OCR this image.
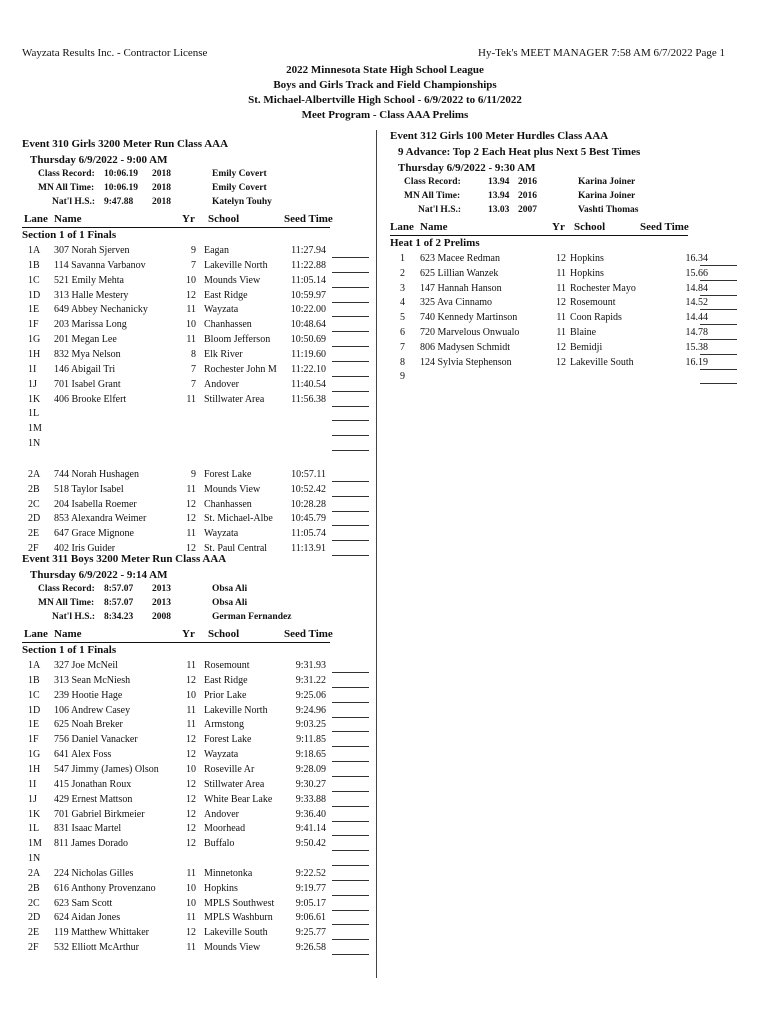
Wayzata Results Inc. - Contractor License	Hy-Tek's MEET MANAGER 7:58 AM 6/7/2022 Page 1
2022 Minnesota State High School League
Boys and Girls Track and Field Championships
St. Michael-Albertville High School - 6/9/2022 to 6/11/2022
Meet Program - Class AAA Prelims
Event 310 Girls 3200 Meter Run Class AAA
Thursday 6/9/2022 - 9:00 AM
Class Record: 10:06.19 2018	Emily Covert
MN All Time: 10:06.19 2018	Emily Covert
Nat'l H.S.: 9:47.88 2018	Katelyn Touhy
Lane Name	Yr School	Seed Time
Section 1 of 1 Finals
1A 307 Norah Sjerven	9 Eagan	11:27.94
1B 114 Savanna Varbanov	7 Lakeville North	11:22.88
1C 521 Emily Mehta	10 Mounds View	11:05.14
1D 313 Halle Mestery	12 East Ridge	10:59.97
1E 649 Abbey Nechanicky	11 Wayzata	10:22.00
1F 203 Marissa Long	10 Chanhassen	10:48.64
1G 201 Megan Lee	11 Bloom Jefferson 10:50.69
1H 832 Mya Nelson	8 Elk River	11:19.60
1I 146 Abigail Tri	7 Rochester John M	11:22.10
1J 701 Isabel Grant	7 Andover	11:40.54
1K 406 Brooke Elfert	11 Stillwater Area	11:56.38
1L
1M
1N
2A 744 Norah Hushagen	9 Forest Lake	10:57.11
2B 518 Taylor Isabel	11 Mounds View	10:52.42
2C 204 Isabella Roemer	12 Chanhassen	10:28.28
2D 853 Alexandra Weimer	12 St. Michael-Albe 10:45.79
2E 647 Grace Mignone	11 Wayzata	11:05.74
2F 402 Iris Guider	12 St. Paul Central	11:13.91
Event 311 Boys 3200 Meter Run Class AAA
Thursday 6/9/2022 - 9:14 AM
Class Record: 8:57.07 2013	Obsa Ali
MN All Time: 8:57.07 2013	Obsa Ali
Nat'l H.S.: 8:34.23 2008	German Fernandez
Lane Name	Yr School	Seed Time
Section 1 of 1 Finals
1A 327 Joe McNeil	11 Rosemount	9:31.93
1B 313 Sean McNiesh	12 East Ridge	9:31.22
1C 239 Hootie Hage	10 Prior Lake	9:25.06
1D 106 Andrew Casey	11 Lakeville North	9:24.96
1E 625 Noah Breker	11 Armstong	9:03.25
1F 756 Daniel Vanacker	12 Forest Lake	9:11.85
1G 641 Alex Foss	12 Wayzata	9:18.65
1H 547 Jimmy (James) Olson	10 Roseville Ar	9:28.09
1I 415 Jonathan Roux	12 Stillwater Area	9:30.27
1J 429 Ernest Mattson	12 White Bear Lake	9:33.88
1K 701 Gabriel Birkmeier	12 Andover	9:36.40
1L 831 Isaac Martel	12 Moorhead	9:41.14
1M 811 James Dorado	12 Buffalo	9:50.42
1N
2A 224 Nicholas Gilles	11 Minnetonka	9:22.52
2B 616 Anthony Provenzano	10 Hopkins	9:19.77
2C 623 Sam Scott	10 MPLS Southwest	9:05.17
2D 624 Aidan Jones	11 MPLS Washburn	9:06.61
2E 119 Matthew Whittaker	12 Lakeville South	9:25.77
2F 532 Elliott McArthur	11 Mounds View	9:26.58
Event 312 Girls 100 Meter Hurdles Class AAA
9 Advance: Top 2 Each Heat plus Next 5 Best Times
Thursday 6/9/2022 - 9:30 AM
Class Record:	13.94 2016	Karina Joiner
MN All Time:	13.94 2016	Karina Joiner
Nat'l H.S.:	13.03 2007	Vashti Thomas
Lane Name	Yr School	Seed Time
Heat 1 of 2 Prelims
1 623 Macee Redman	12 Hopkins	16.34
2 625 Lillian Wanzek	11 Hopkins	15.66
3 147 Hannah Hanson	11 Rochester Mayo	14.84
4 325 Ava Cinnamo	12 Rosemount	14.52
5 740 Kennedy Martinson	11 Coon Rapids	14.44
6 720 Marvelous Onwualo	11 Blaine	14.78
7 806 Madysen Schmidt	12 Bemidji	15.38
8 124 Sylvia Stephenson	12 Lakeville South	16.19
9
